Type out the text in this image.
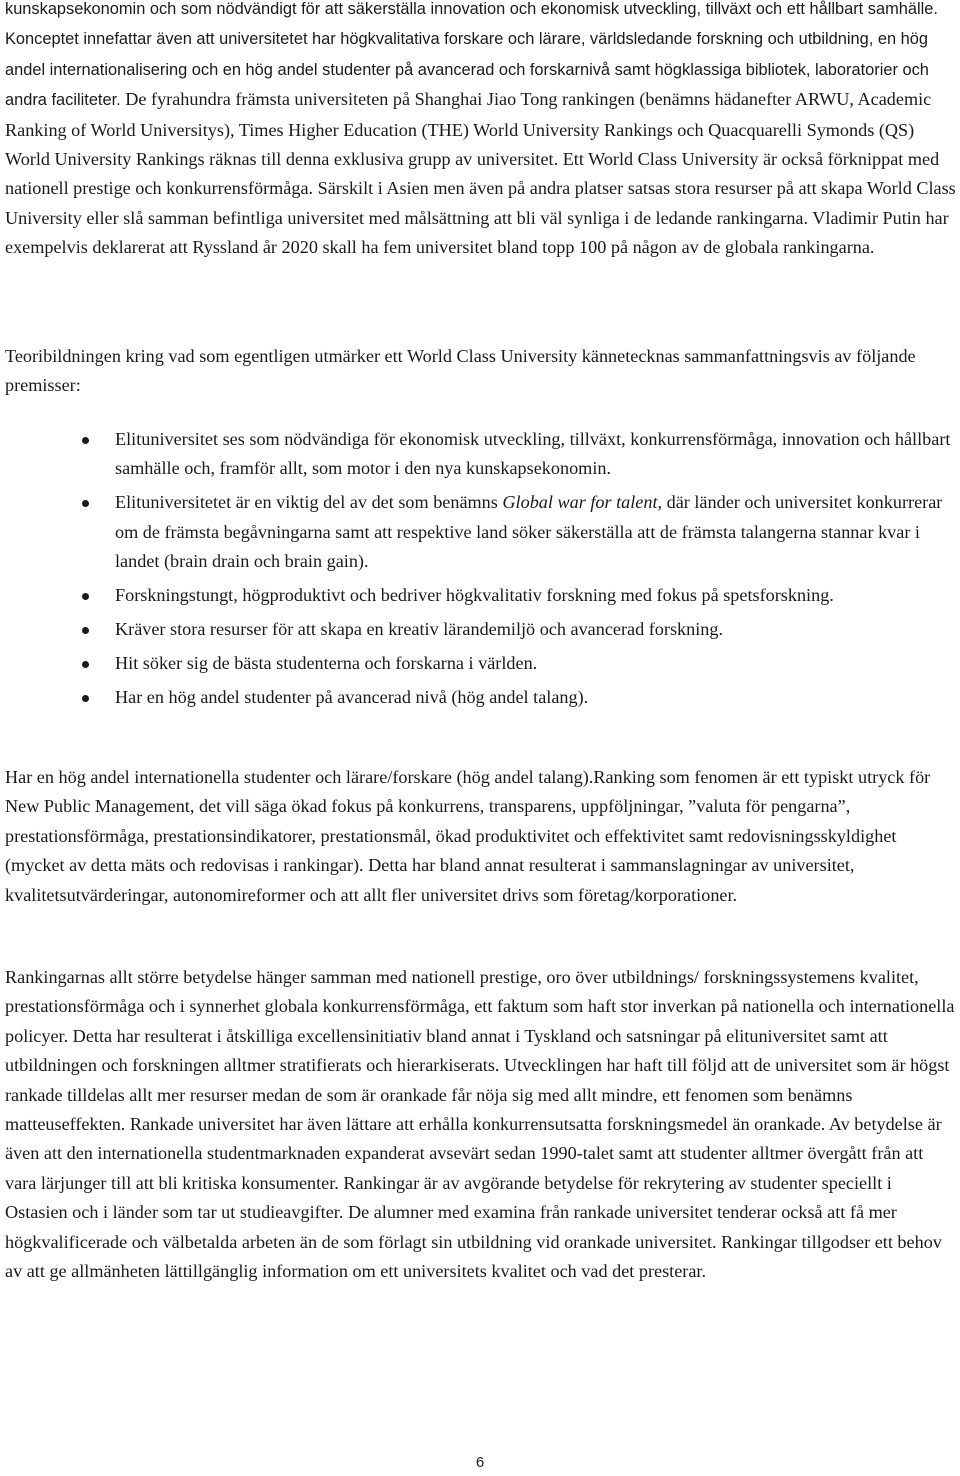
kunskapsekonomin och som nödvändigt för att säkerställa innovation och ekonomisk utveckling, tillväxt och ett hållbart samhälle. Konceptet innefattar även att universitetet har högkvalitativa forskare och lärare, världsledande forskning och utbildning, en hög andel internationalisering och en hög andel studenter på avancerad och forskarnivå samt högklassiga bibliotek, laboratorier och andra faciliteter. De fyrahundra främsta universiteten på Shanghai Jiao Tong rankingen (benämns hädanefter ARWU, Academic Ranking of World Universitys), Times Higher Education (THE) World University Rankings och Quacquarelli Symonds (QS) World University Rankings räknas till denna exklusiva grupp av universitet. Ett World Class University är också förknippat med nationell prestige och konkurrensförmåga. Särskilt i Asien men även på andra platser satsas stora resurser på att skapa World Class University eller slå samman befintliga universitet med målsättning att bli väl synliga i de ledande rankingarna. Vladimir Putin har exempelvis deklarerat att Ryssland år 2020 skall ha fem universitet bland topp 100 på någon av de globala rankingarna.

Teoribildningen kring vad som egentligen utmärker ett World Class University kännetecknas sammanfattningsvis av följande premisser:

Elituniversitet ses som nödvändiga för ekonomisk utveckling, tillväxt, konkurrensförmåga, innovation och hållbart samhälle och, framför allt, som motor i den nya kunskapsekonomin.
Elituniversitetet är en viktig del av det som benämns Global war for talent, där länder och universitet konkurrerar om de främsta begåvningarna samt att respektive land söker säkerställa att de främsta talangerna stannar kvar i landet (brain drain och brain gain).
Forskningstungt, högproduktivt och bedriver högkvalitativ forskning med fokus på spetsforskning.
Kräver stora resurser för att skapa en kreativ lärandemiljö och avancerad forskning.
Hit söker sig de bästa studenterna och forskarna i världen.
Har en hög andel studenter på avancerad nivå (hög andel talang).

Har en hög andel internationella studenter och lärare/forskare (hög andel talang).Ranking som fenomen är ett typiskt utryck för New Public Management, det vill säga ökad fokus på konkurrens, transparens, uppföljningar, ”valuta för pengarna”, prestationsförmåga, prestationsindikatorer, prestationsmål, ökad produktivitet och effektivitet samt redovisningsskyldighet (mycket av detta mäts och redovisas i rankingar). Detta har bland annat resulterat i sammanslagningar av universitet, kvalitetsutvärderingar, autonomireformer och att allt fler universitet drivs som företag/korporationer.

Rankingarnas allt större betydelse hänger samman med nationell prestige, oro över utbildnings/ forskningssystemens kvalitet, prestationsförmåga och i synnerhet globala konkurrensförmåga, ett faktum som haft stor inverkan på nationella och internationella policyer. Detta har resulterat i åtskilliga excellensinitiativ bland annat i Tyskland och satsningar på elituniversitet samt att utbildningen och forskningen alltmer stratifierats och hierarkiserats. Utvecklingen har haft till följd att de universitet som är högst rankade tilldelas allt mer resurser medan de som är orankade får nöja sig med allt mindre, ett fenomen som benämns matteuseffekten. Rankade universitet har även lättare att erhålla konkurrensutsatta forskningsmedel än orankade. Av betydelse är även att den internationella studentmarknaden expanderat avsevärt sedan 1990-talet samt att studenter alltmer övergått från att vara lärjunger till att bli kritiska konsumenter. Rankingar är av avgörande betydelse för rekrytering av studenter speciellt i Ostasien och i länder som tar ut studieavgifter. De alumner med examina från rankade universitet tenderar också att få mer högkvalificerade och välbetalda arbeten än de som förlagt sin utbildning vid orankade universitet. Rankingar tillgodser ett behov av att ge allmänheten lättillgänglig information om ett universitets kvalitet och vad det presterar.

6
